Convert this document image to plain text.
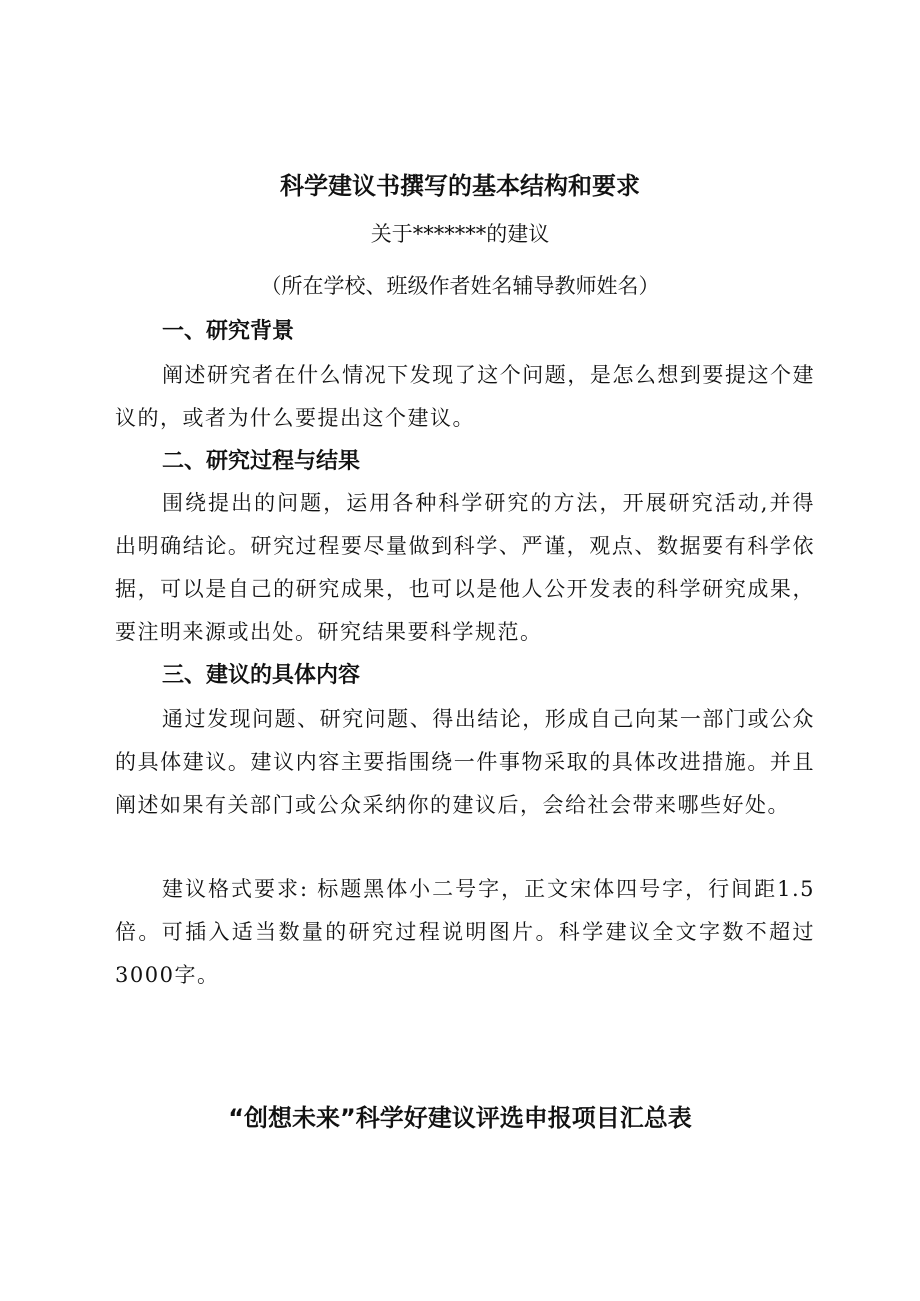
科学建议书撰写的基本结构和要求
关于*******的建议
（所在学校、班级作者姓名辅导教师姓名）
一、研究背景

阐述研究者在什么情况下发现了这个问题，是怎么想到要提这个建议的，或者为什么要提出这个建议。

二、研究过程与结果

围绕提出的问题，运用各种科学研究的方法，开展研究活动,并得出明确结论。研究过程要尽量做到科学、严谨，观点、数据要有科学依据，可以是自己的研究成果，也可以是他人公开发表的科学研究成果，要注明来源或出处。研究结果要科学规范。

三、建议的具体内容

通过发现问题、研究问题、得出结论，形成自己向某一部门或公众的具体建议。建议内容主要指围绕一件事物采取的具体改进措施。并且阐述如果有关部门或公众采纳你的建议后，会给社会带来哪些好处。

建议格式要求: 标题黑体小二号字，正文宋体四号字，行间距1.5倍。可插入适当数量的研究过程说明图片。科学建议全文字数不超过3000字。

“创想未来”科学好建议评选申报项目汇总表
